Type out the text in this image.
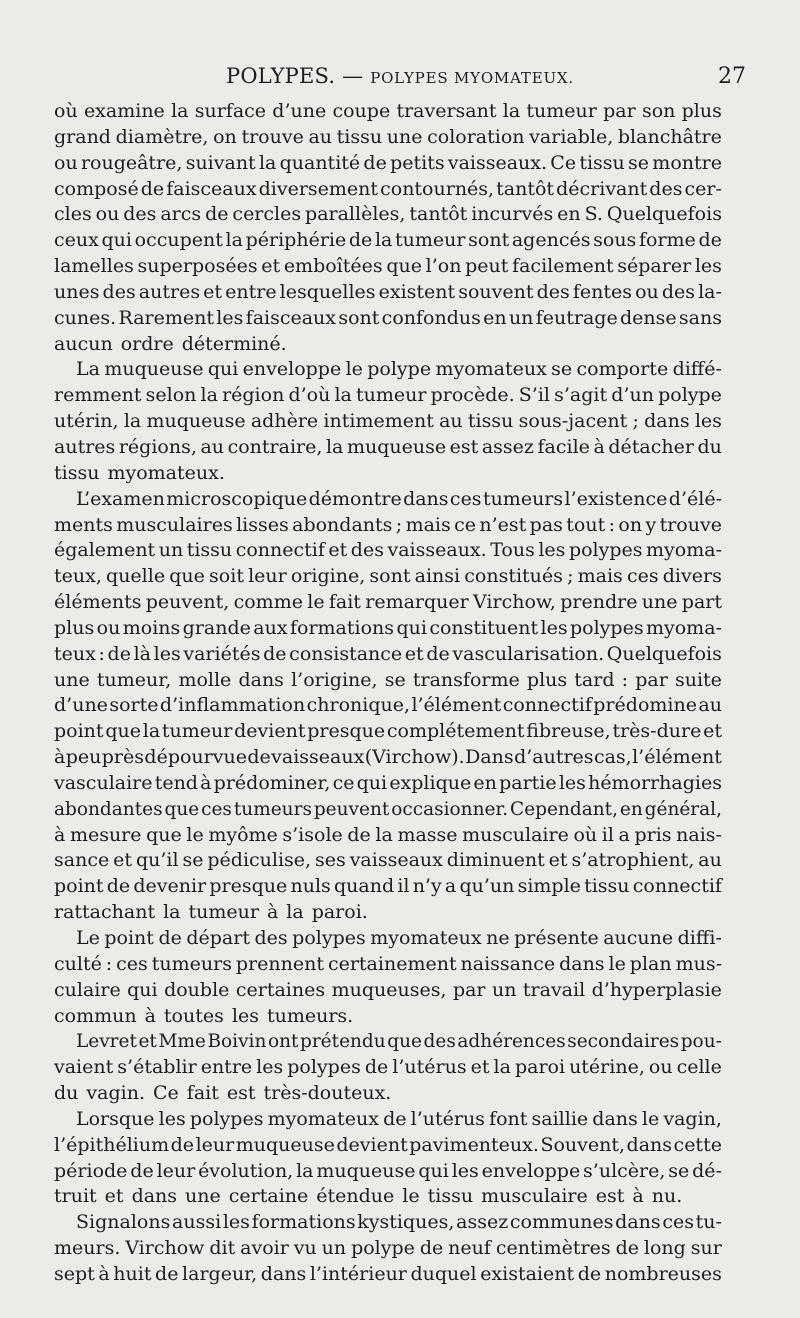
POLYPES. — POLYPES MYOMATEUX.	27
où examine la surface d’une coupe traversant la tumeur par son plus
grand diamètre, on trouve au tissu une coloration variable, blanchâtre
ou rougeâtre, suivant la quantité de petits vaisseaux. Ce tissu se montre
composé de faisceaux diversement contournés, tantôt décrivant des cer-
cles ou des arcs de cercles parallèles, tantôt incurvés en S. Quelquefois
ceux qui occupent la périphérie de la tumeur sont agencés sous forme de
lamelles superposées et emboîtées que l’on peut facilement séparer les
unes des autres et entre lesquelles existent souvent des fentes ou des la-
cunes. Rarement les faisceaux sont confondus en un feutrage dense sans
aucun ordre déterminé.
La muqueuse qui enveloppe le polype myomateux se comporte diffé-
remment selon la région d’où la tumeur procède. S’il s’agit d’un polype
utérin, la muqueuse adhère intimement au tissu sous-jacent ; dans les
autres régions, au contraire, la muqueuse est assez facile à détacher du
tissu myomateux.
L’examen microscopique démontre dans ces tumeurs l’existence d’élé-
ments musculaires lisses abondants ; mais ce n’est pas tout : on y trouve
également un tissu connectif et des vaisseaux. Tous les polypes myoma-
teux, quelle que soit leur origine, sont ainsi constitués ; mais ces divers
éléments peuvent, comme le fait remarquer Virchow, prendre une part
plus ou moins grande aux formations qui constituent les polypes myoma-
teux : de là les variétés de consistance et de vascularisation. Quelquefois
une tumeur, molle dans l’origine, se transforme plus tard : par suite
d’une sorte d’inflammation chronique, l’élément connectif prédomine au
point que la tumeur devient presque complétement fibreuse, très-dure et
à peu près dépourvue de vaisseaux (Virchow). Dans d’autres cas, l’élément
vasculaire tend à prédominer, ce qui explique en partie les hémorrhagies
abondantes que ces tumeurs peuvent occasionner. Cependant, en général,
à mesure que le myôme s’isole de la masse musculaire où il a pris nais-
sance et qu’il se pédiculise, ses vaisseaux diminuent et s’atrophient, au
point de devenir presque nuls quand il n’y a qu’un simple tissu connectif
rattachant la tumeur à la paroi.
Le point de départ des polypes myomateux ne présente aucune diffi-
culté : ces tumeurs prennent certainement naissance dans le plan mus-
culaire qui double certaines muqueuses, par un travail d’hyperplasie
commun à toutes les tumeurs.
Levret et Mme Boivin ont prétendu que des adhérences secondaires pou-
vaient s’établir entre les polypes de l’utérus et la paroi utérine, ou celle
du vagin. Ce fait est très-douteux.
Lorsque les polypes myomateux de l’utérus font saillie dans le vagin,
l’épithélium de leur muqueuse devient pavimenteux. Souvent, dans cette
période de leur évolution, la muqueuse qui les enveloppe s’ulcère, se dé-
truit et dans une certaine étendue le tissu musculaire est à nu.
Signalons aussi les formations kystiques, assez communes dans ces tu-
meurs. Virchow dit avoir vu un polype de neuf centimètres de long sur
sept à huit de largeur, dans l’intérieur duquel existaient de nombreuses
